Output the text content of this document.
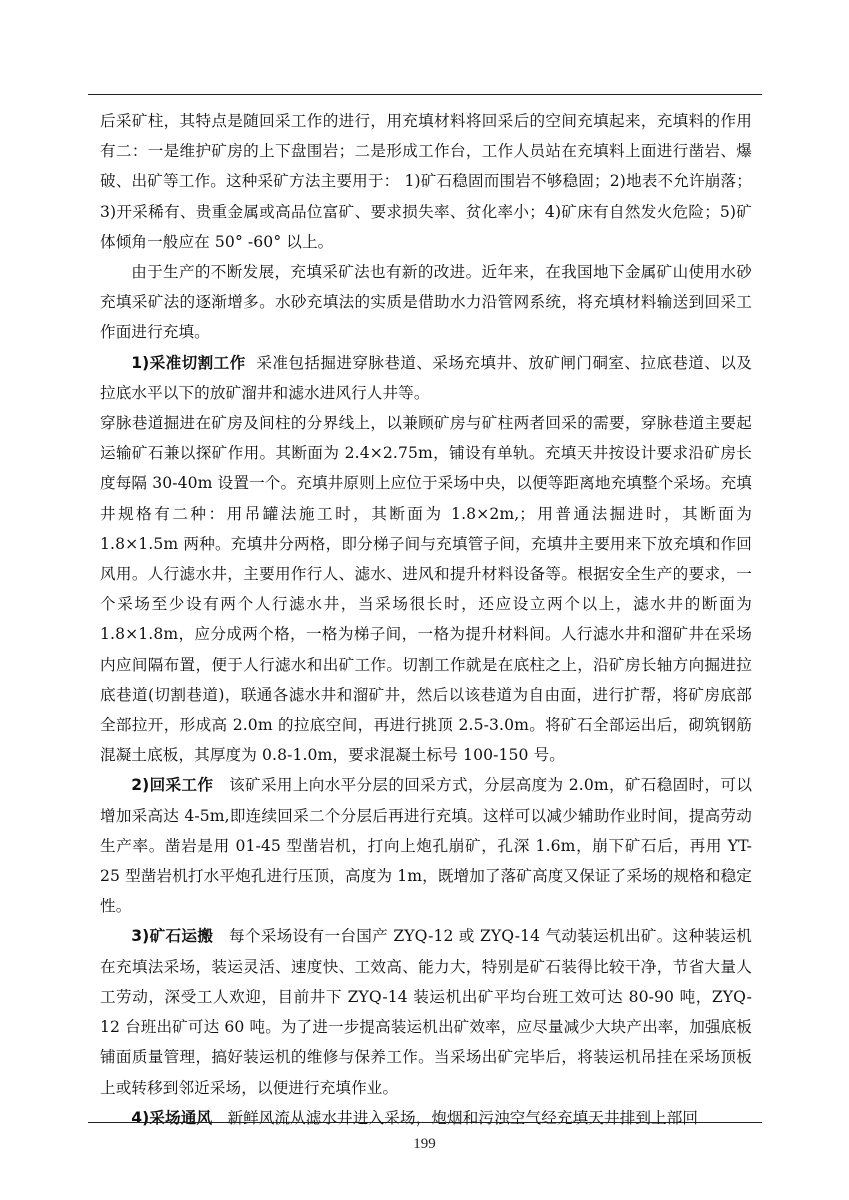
后采矿柱，其特点是随回采工作的进行，用充填材料将回采后的空间充填起来，充填料的作用有二：一是维护矿房的上下盘围岩；二是形成工作台，工作人员站在充填料上面进行凿岩、爆破、出矿等工作。这种采矿方法主要用于： 1)矿石稳固而围岩不够稳固；2)地表不允许崩落；3)开采稀有、贵重金属或高品位富矿、要求损失率、贫化率小；4)矿床有自然发火危险；5)矿体倾角一般应在 50° -60° 以上。

由于生产的不断发展，充填采矿法也有新的改进。近年来，在我国地下金属矿山使用水砂充填采矿法的逐渐增多。水砂充填法的实质是借助水力沿管网系统，将充填材料输送到回采工作面进行充填。

1)采准切割工作 采准包括掘进穿脉巷道、采场充填井、放矿闸门硐室、拉底巷道、以及拉底水平以下的放矿溜井和滤水进风行人井等。

穿脉巷道掘进在矿房及间柱的分界线上，以兼顾矿房与矿柱两者回采的需要，穿脉巷道主要起运输矿石兼以探矿作用。其断面为 2.4×2.75m，铺设有单轨。充填天井按设计要求沿矿房长度每隔 30-40m 设置一个。充填井原则上应位于采场中央，以便等距离地充填整个采场。充填井规格有二种：用吊罐法施工时，其断面为 1.8×2m,；用普通法掘进时，其断面为 1.8×1.5m 两种。充填井分两格，即分梯子间与充填管子间，充填井主要用来下放充填和作回风用。人行滤水井，主要用作行人、滤水、进风和提升材料设备等。根据安全生产的要求，一个采场至少设有两个人行滤水井，当采场很长时，还应设立两个以上，滤水井的断面为 1.8×1.8m，应分成两个格，一格为梯子间，一格为提升材料间。人行滤水井和溜矿井在采场内应间隔布置，便于人行滤水和出矿工作。切割工作就是在底柱之上，沿矿房长轴方向掘进拉底巷道(切割巷道)，联通各滤水井和溜矿井，然后以该巷道为自由面，进行扩帮，将矿房底部全部拉开，形成高 2.0m 的拉底空间，再进行挑顶 2.5-3.0m。将矿石全部运出后，砌筑钢筋混凝土底板，其厚度为 0.8-1.0m，要求混凝土标号 100-150 号。

2)回采工作 该矿采用上向水平分层的回采方式，分层高度为 2.0m，矿石稳固时，可以增加采高达 4-5m,即连续回采二个分层后再进行充填。这样可以减少辅助作业时间，提高劳动生产率。凿岩是用 01-45 型凿岩机，打向上炮孔崩矿，孔深 1.6m，崩下矿石后，再用 YT-25 型凿岩机打水平炮孔进行压顶，高度为 1m，既增加了落矿高度又保证了采场的规格和稳定性。

3)矿石运搬 每个采场设有一台国产 ZYQ-12 或 ZYQ-14 气动装运机出矿。这种装运机在充填法采场，装运灵活、速度快、工效高、能力大，特别是矿石装得比较干净，节省大量人工劳动，深受工人欢迎，目前井下 ZYQ-14 装运机出矿平均台班工效可达 80-90 吨，ZYQ-12 台班出矿可达 60 吨。为了进一步提高装运机出矿效率，应尽量减少大块产出率，加强底板铺面质量管理，搞好装运机的维修与保养工作。当采场出矿完毕后，将装运机吊挂在采场顶板上或转移到邻近采场，以便进行充填作业。

4)采场通风 新鲜风流从滤水井进入采场，炮烟和污浊空气经充填天井排到上部回

199
